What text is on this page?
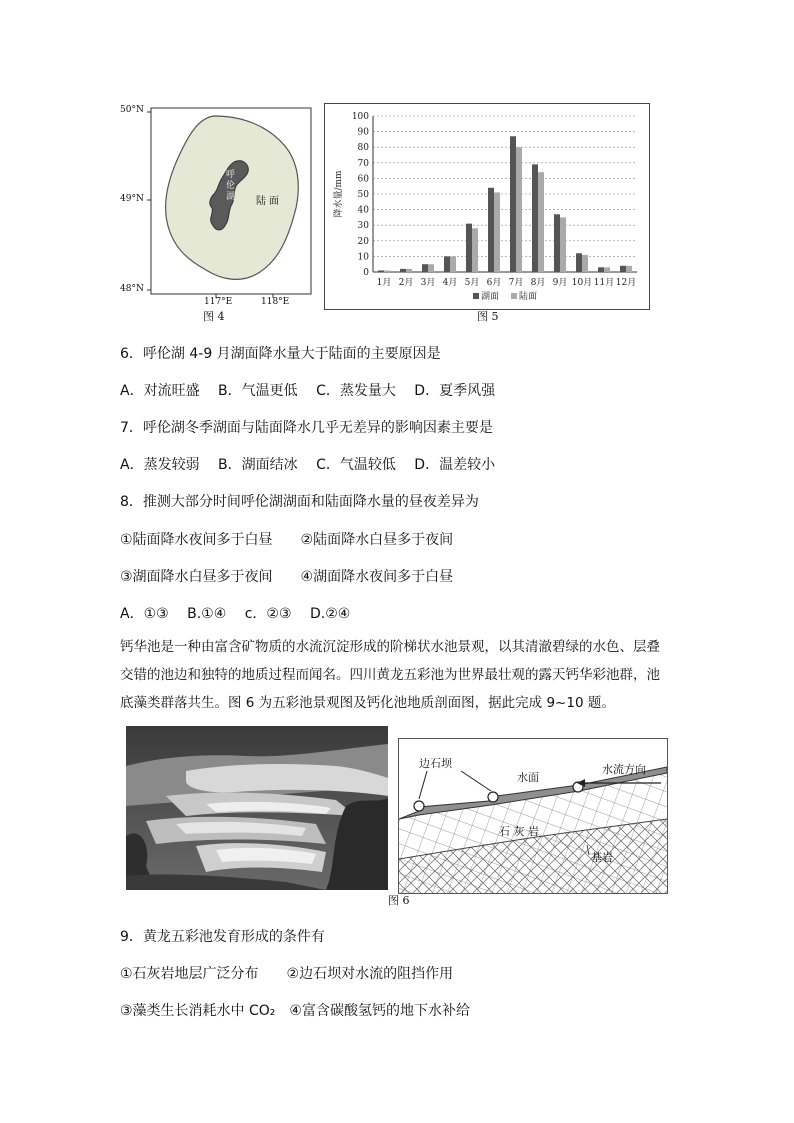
50°N
49°N
48°N
117°E	118°E
呼伦湖 陆面
图 4
0
10
20
30
40
50
60
70
80
90
100
降水量/mm
1月 2月 3月 4月 5月 6月 7月 8月 9月 10月 11月 12月
湖面 陆面
图 5
6．呼伦湖 4-9 月湖面降水量大于陆面的主要原因是
A．对流旺盛　 B．气温更低　 C．蒸发量大　 D．夏季风强
7．呼伦湖冬季湖面与陆面降水几乎无差异的影响因素主要是
A．蒸发较弱　 B．湖面结冰　 C．气温较低　 D．温差较小
8．推测大部分时间呼伦湖湖面和陆面降水量的昼夜差异为
①陆面降水夜间多于白昼　　②陆面降水白昼多于夜间
③湖面降水白昼多于夜间　　④湖面降水夜间多于白昼
A．①③　 B.①④　 c．②③　 D.②④
钙华池是一种由富含矿物质的水流沉淀形成的阶梯状水池景观，以其清澈碧绿的水色、层叠
交错的池边和独特的地质过程而闻名。四川黄龙五彩池为世界最壮观的露天钙华彩池群，池
底藻类群落共生。图 6 为五彩池景观图及钙化池地质剖面图，据此完成 9~10 题。
边石坝
水面
水流方向
石 灰 岩
基岩
图 6
9．黄龙五彩池发育形成的条件有
①石灰岩地层广泛分布　　②边石坝对水流的阻挡作用
③藻类生长消耗水中 CO₂　④富含碳酸氢钙的地下水补给
